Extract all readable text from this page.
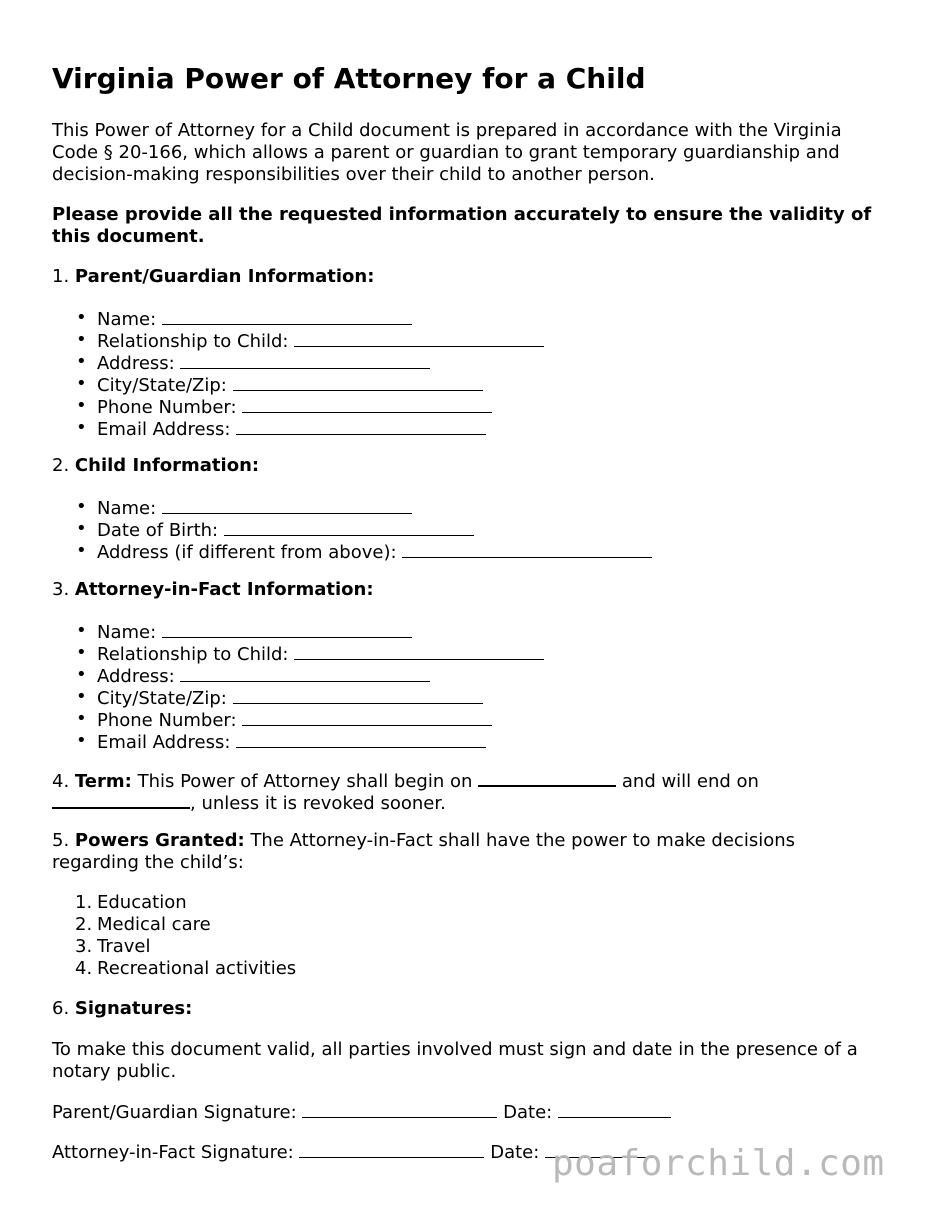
Virginia Power of Attorney for a Child

This Power of Attorney for a Child document is prepared in accordance with the Virginia Code § 20-166, which allows a parent or guardian to grant temporary guardianship and decision-making responsibilities over their child to another person.

Please provide all the requested information accurately to ensure the validity of this document.

1. Parent/Guardian Information:
• Name:
• Relationship to Child:
• Address:
• City/State/Zip:
• Phone Number:
• Email Address:
2. Child Information:
• Name:
• Date of Birth:
• Address (if different from above):
3. Attorney-in-Fact Information:
• Name:
• Relationship to Child:
• Address:
• City/State/Zip:
• Phone Number:
• Email Address:
4. Term: This Power of Attorney shall begin on	and will end on
, unless it is revoked sooner.

5. Powers Granted: The Attorney-in-Fact shall have the power to make decisions regarding the child’s:

1. Education
2. Medical care
3. Travel
4. Recreational activities
6. Signatures:

To make this document valid, all parties involved must sign and date in the presence of a notary public.

Parent/Guardian Signature:	Date:
Attorney-in-Fact Signature:	Date: poaforchild.com
